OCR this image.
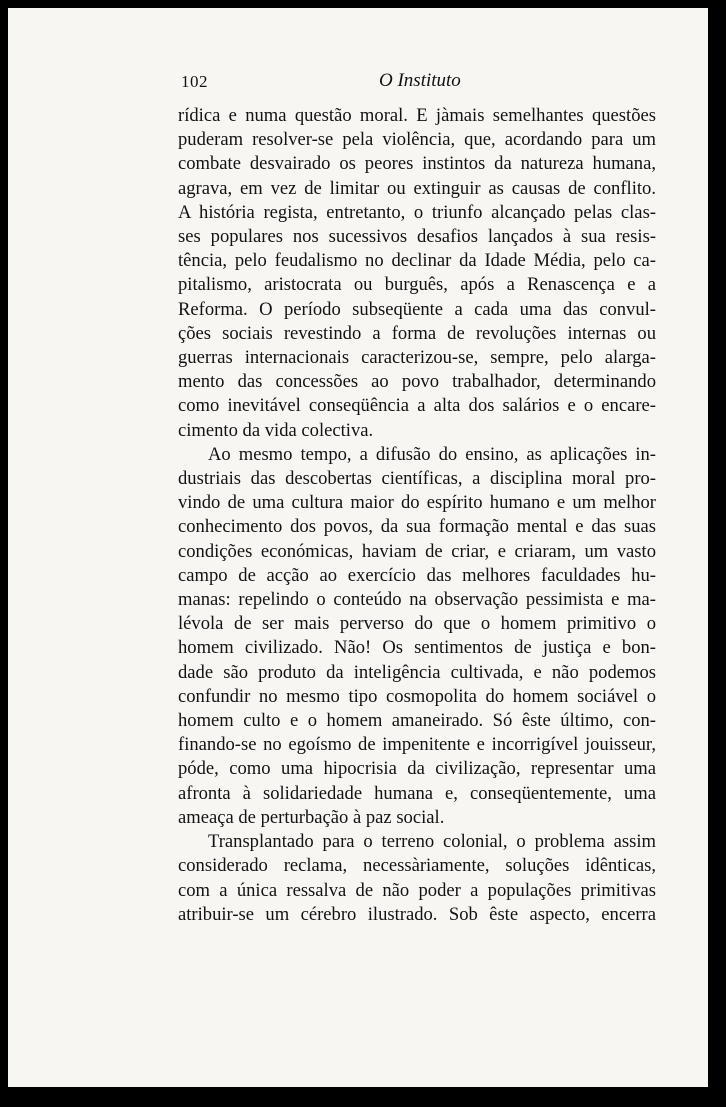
102	O Instituto

rídica e numa questão moral. E jàmais semelhantes questões
puderam resolver-se pela violência, que, acordando para um
combate desvairado os peores instintos da natureza humana,
agrava, em vez de limitar ou extinguir as causas de conflito.
A história regista, entretanto, o triunfo alcançado pelas clas-
ses populares nos sucessivos desafios lançados à sua resis-
tência, pelo feudalismo no declinar da Idade Média, pelo ca-
pitalismo, aristocrata ou burguês, após a Renascença e a
Reforma. O período subseqüente a cada uma das convul-
ções sociais revestindo a forma de revoluções internas ou
guerras internacionais caracterizou-se, sempre, pelo alarga-
mento das concessões ao povo trabalhador, determinando
como inevitável conseqüência a alta dos salários e o encare-
cimento da vida colectiva.

Ao mesmo tempo, a difusão do ensino, as aplicações in-
dustriais das descobertas científicas, a disciplina moral pro-
vindo de uma cultura maior do espírito humano e um melhor
conhecimento dos povos, da sua formação mental e das suas
condições económicas, haviam de criar, e criaram, um vasto
campo de acção ao exercício das melhores faculdades hu-
manas: repelindo o conteúdo na observação pessimista e ma-
lévola de ser mais perverso do que o homem primitivo o
homem civilizado. Não! Os sentimentos de justiça e bon-
dade são produto da inteligência cultivada, e não podemos
confundir no mesmo tipo cosmopolita do homem sociável o
homem culto e o homem amaneirado. Só êste último, con-
finando-se no egoísmo de impenitente e incorrigível jouisseur,
póde, como uma hipocrisia da civilização, representar uma
afronta à solidariedade humana e, conseqüentemente, uma
ameaça de perturbação à paz social.

Transplantado para o terreno colonial, o problema assim
considerado reclama, necessàriamente, soluções idênticas,
com a única ressalva de não poder a populações primitivas
atribuir-se um cérebro ilustrado. Sob êste aspecto, encerra
